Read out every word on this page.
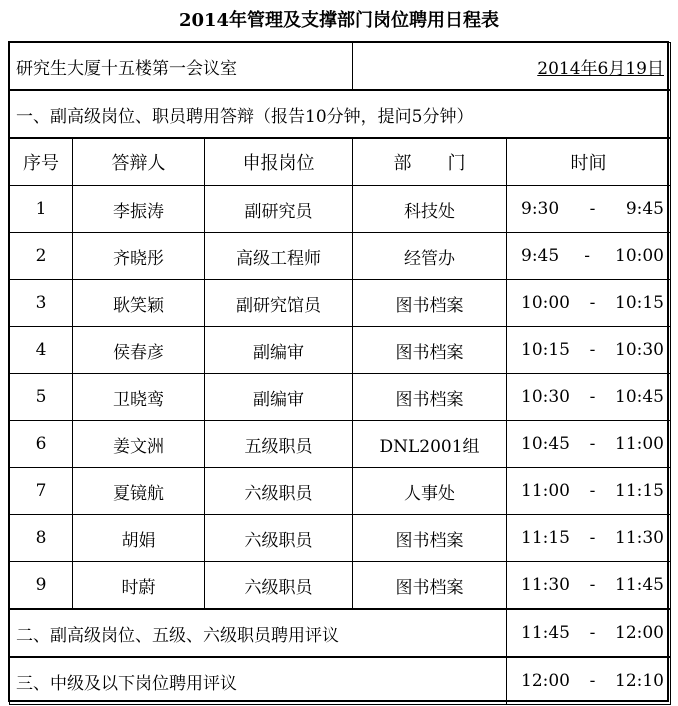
2014年管理及支撑部门岗位聘用日程表
研究生大厦十五楼第一会议室			2014年6月19日	
一、副高级岗位、职员聘用答辩（报告10分钟，提问5分钟）				
序号	答辩人	申报岗位	部　　门	时间
1	李振涛	副研究员	科技处	9:30 - 9:45

2	齐晓彤	高级工程师	经管办	9:45 - 10:00

3	耿笑颖	副研究馆员	图书档案	10:00 - 10:15

4	侯春彦	副编审	图书档案	10:15 - 10:30

5	卫晓鸾	副编审	图书档案	10:30 - 10:45

6	姜文洲	五级职员	DNL2001组	10:45 - 11:00

7	夏镜航	六级职员	人事处	11:00 - 11:15

8	胡娟	六级职员	图书档案	11:15 - 11:30

9	时蔚	六级职员	图书档案	11:30 - 11:45

二、副高级岗位、五级、六级职员聘用评议				11:45 - 12:00

三、中级及以下岗位聘用评议				12:00 - 12:10
